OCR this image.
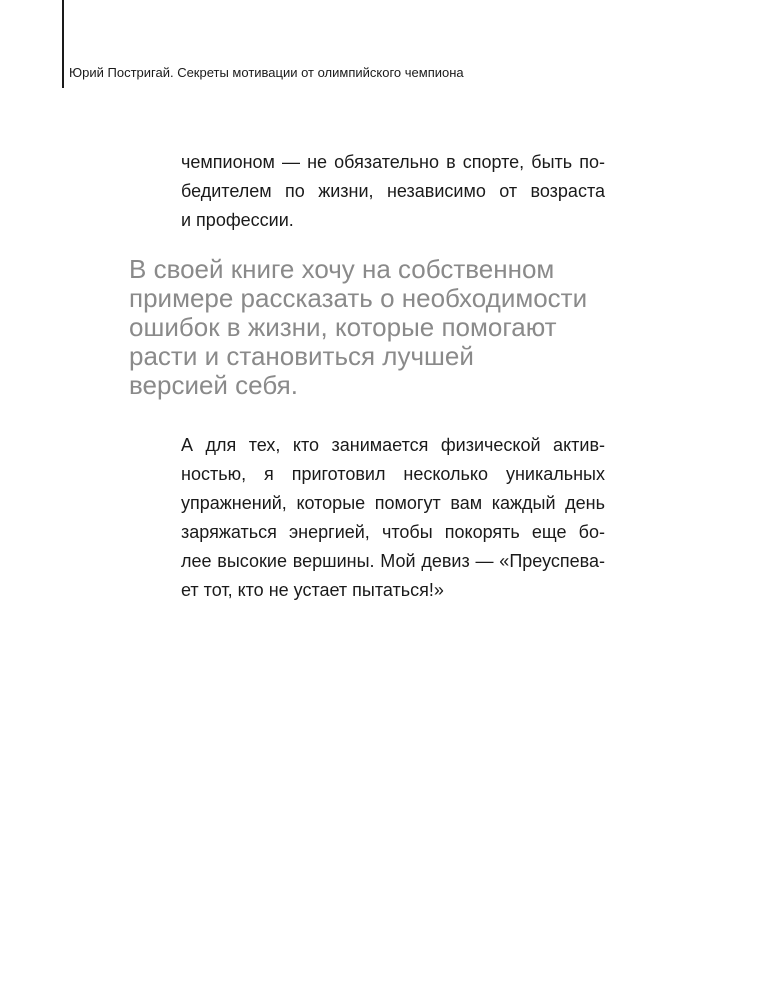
Юрий Постригай. Секреты мотивации от олимпийского чемпиона

чемпионом — не обязательно в спорте, быть по-
бедителем по жизни, независимо от возраста
и профессии.

В своей книге хочу на собственном
примере рассказать о необходимости
ошибок в жизни, которые помогают
расти и становиться лучшей
версией себя.

А для тех, кто занимается физической актив-
ностью, я приготовил несколько уникальных
упражнений, которые помогут вам каждый день
заряжаться энергией, чтобы покорять еще бо-
лее высокие вершины. Мой девиз — «Преуспева-
ет тот, кто не устает пытаться!»
